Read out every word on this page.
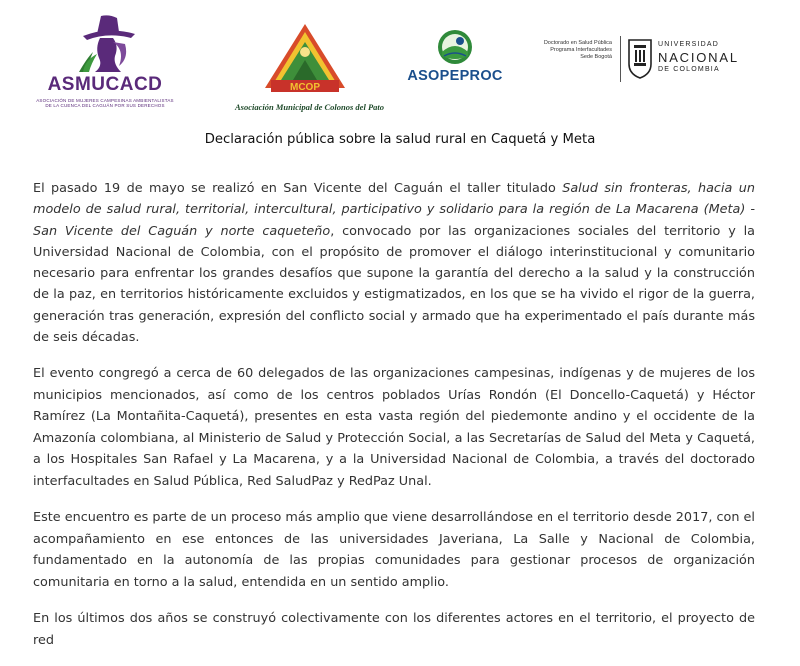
ASMUCACD
ASOCIACIÓN DE MUJERES CAMPESINAS AMBIENTALISTAS DE LA CUENCA DEL CAGUÁN POR SUS DERECHOS
MCOP
Asociación Municipal de Colonos del Pato
ASOPEPROC
Doctorado en Salud Pública
Programa Interfacultades
Sede Bogotá
UNIVERSIDAD
NACIONAL
DE COLOMBIA
Declaración pública sobre la salud rural en Caquetá y Meta

El pasado 19 de mayo se realizó en San Vicente del Caguán el taller titulado Salud sin fronteras, hacia un modelo de salud rural, territorial, intercultural, participativo y solidario para la región de La Macarena (Meta) - San Vicente del Caguán y norte caqueteño, convocado por las organizaciones sociales del territorio y la Universidad Nacional de Colombia, con el propósito de promover el diálogo interinstitucional y comunitario necesario para enfrentar los grandes desafíos que supone la garantía del derecho a la salud y la construcción de la paz, en territorios históricamente excluidos y estigmatizados, en los que se ha vivido el rigor de la guerra, generación tras generación, expresión del conflicto social y armado que ha experimentado el país durante más de seis décadas.

El evento congregó a cerca de 60 delegados de las organizaciones campesinas, indígenas y de mujeres de los municipios mencionados, así como de los centros poblados Urías Rondón (El Doncello-Caquetá) y Héctor Ramírez (La Montañita-Caquetá), presentes en esta vasta región del piedemonte andino y el occidente de la Amazonía colombiana, al Ministerio de Salud y Protección Social, a las Secretarías de Salud del Meta y Caquetá, a los Hospitales San Rafael y La Macarena, y a la Universidad Nacional de Colombia, a través del doctorado interfacultades en Salud Pública, Red SaludPaz y RedPaz Unal.

Este encuentro es parte de un proceso más amplio que viene desarrollándose en el territorio desde 2017, con el acompañamiento en ese entonces de las universidades Javeriana, La Salle y Nacional de Colombia, fundamentado en la autonomía de las propias comunidades para gestionar procesos de organización comunitaria en torno a la salud, entendida en un sentido amplio.

En los últimos dos años se construyó colectivamente con los diferentes actores en el territorio, el proyecto de red
